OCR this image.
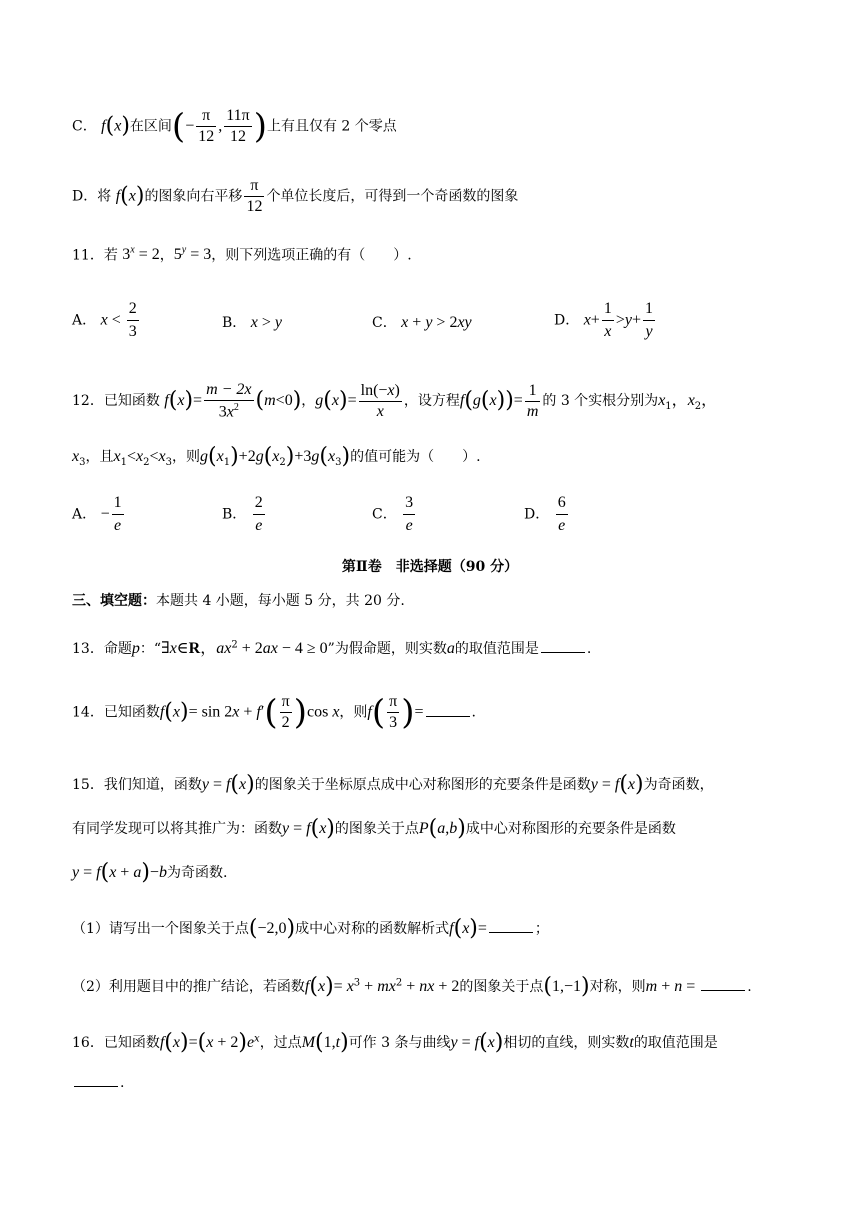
C． f(x)在区间(− $\frac{\pi}{12}$ , $\frac{11\pi}{12}$ )上有且仅有 2 个零点
D．将 f(x)的图象向右平移 $\frac{\pi}{12}$ 个单位长度后，可得到一个奇函数的图象
11．若 $3^x = 2$，$5^y = 3$，则下列选项正确的有（　　）.
A． $x < \frac{2}{3}$	B． x > y	C． x + y > 2xy	D． $x+ \frac{1}{x} >y+ \frac{1}{y}$
12．已知函数 $f(x)= \frac{m - 2x}{3x^2} (m<0)$，$g(x)= \frac{\ln(-x)}{x}$ ，设方程$f(g(x))= \frac{1}{m}$ 的 3 个实根分别为$x_1$，$x_2$，
$x_3$，且$x_1<x_2<x_3$，则$g(x_1)+2g(x_2)+3g(x_3)$的值可能为（　　）.
A． − $\frac{1}{e}$	B． $\frac{2}{e}$	C． $\frac{3}{e}$	D． $\frac{6}{e}$
第Ⅱ卷　非选择题（90 分）
三、填空题：本题共 4 小题，每小题 5 分，共 20 分.
13．命题p：“∃x∈R，$ax^2 + 2ax - 4 \ge 0$”为假命题，则实数a的取值范围是	.
14．已知函数$f(x)= \sin 2x + f'( \frac{\pi}{2} )\cos$ x，则$f( \frac{\pi}{3}$ )=	.
15．我们知道，函数y = f(x)的图象关于坐标原点成中心对称图形的充要条件是函数y = f(x)为奇函数，
有同学发现可以将其推广为：函数y = f(x)的图象关于点P(a,b)成中心对称图形的充要条件是函数
y = f(x + a)−b为奇函数.
（1）请写出一个图象关于点(−2,0)成中心对称的函数解析式f(x)=	；
（2）利用题目中的推广结论，若函数$f(x)= x^3 + mx^2$ + nx + 2的图象关于点(1,−1)对称，则m + n =	.
16．已知函数$f(x)=(x + 2)e^x$，过点M(1,t)可作 3 条与曲线y = f(x)相切的直线，则实数t的取值范围是
.
